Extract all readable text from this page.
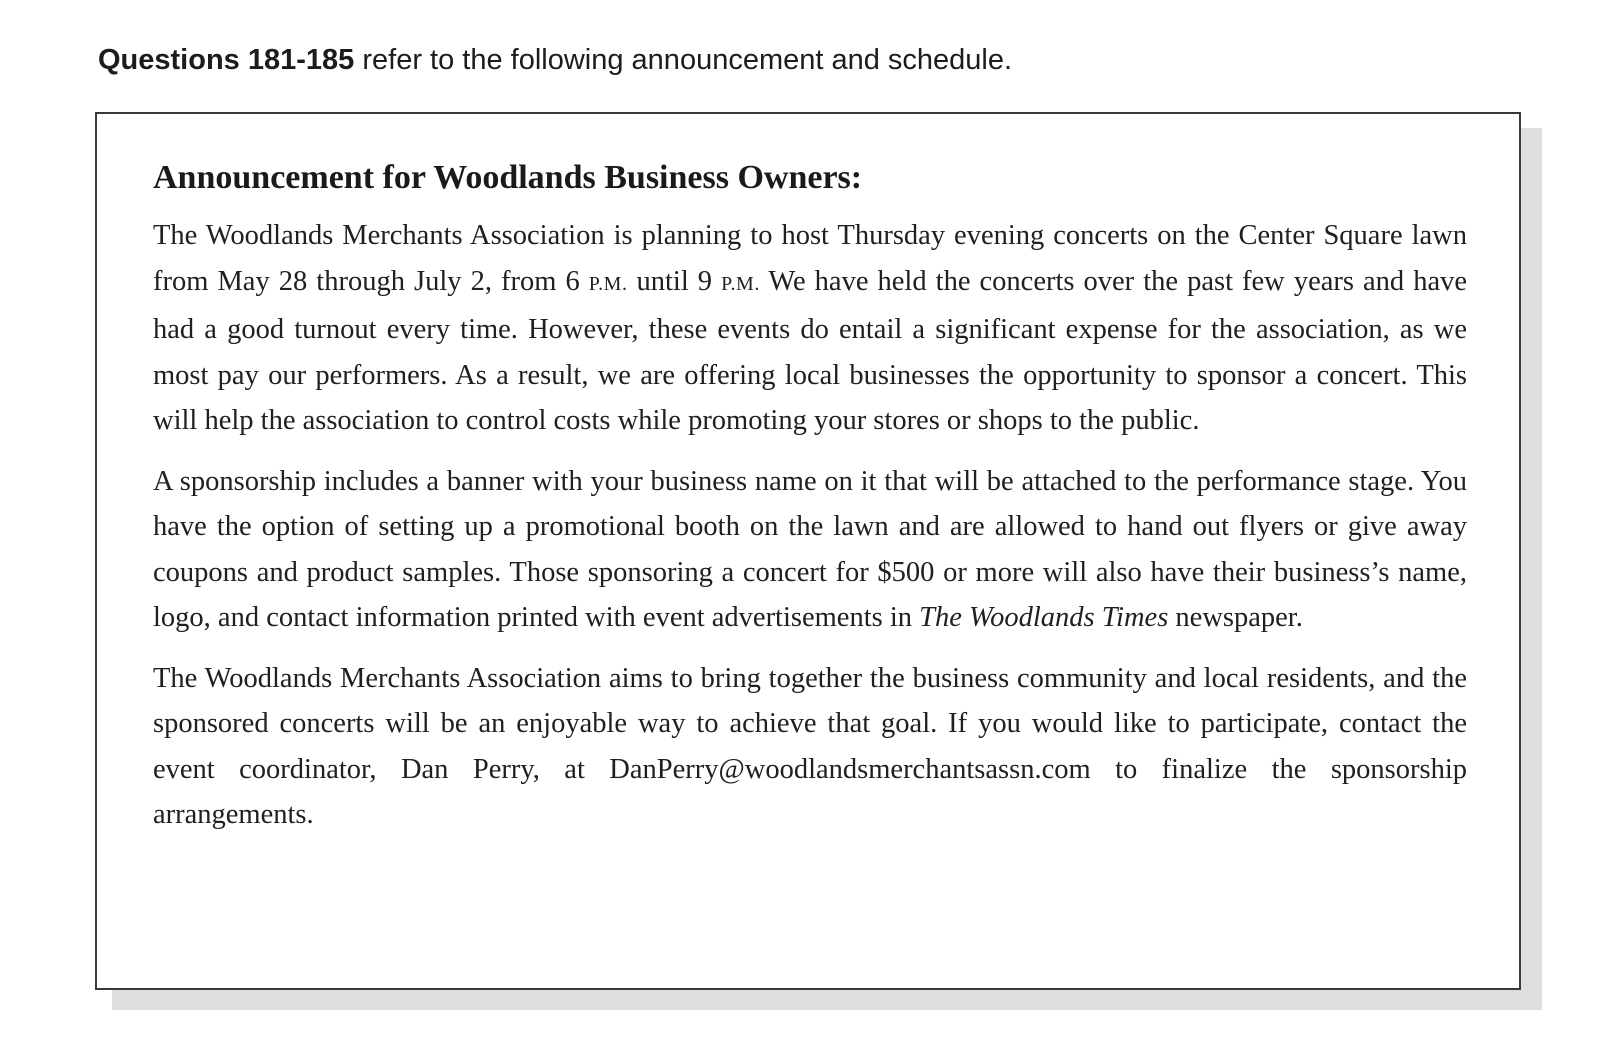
Questions 181-185 refer to the following announcement and schedule.
Announcement for Woodlands Business Owners:

The Woodlands Merchants Association is planning to host Thursday evening concerts on the Center Square lawn from May 28 through July 2, from 6 P.M. until 9 P.M. We have held the concerts over the past few years and have had a good turnout every time. However, these events do entail a significant expense for the association, as we most pay our performers. As a result, we are offering local businesses the opportunity to sponsor a concert. This will help the association to control costs while promoting your stores or shops to the public.

A sponsorship includes a banner with your business name on it that will be attached to the performance stage. You have the option of setting up a promotional booth on the lawn and are allowed to hand out flyers or give away coupons and product samples. Those sponsoring a concert for $500 or more will also have their business’s name, logo, and contact information printed with event advertisements in The Woodlands Times newspaper.

The Woodlands Merchants Association aims to bring together the business community and local residents, and the sponsored concerts will be an enjoyable way to achieve that goal. If you would like to participate, contact the event coordinator, Dan Perry, at DanPerry@woodlandsmerchantsassn.com to finalize the sponsorship arrangements.
